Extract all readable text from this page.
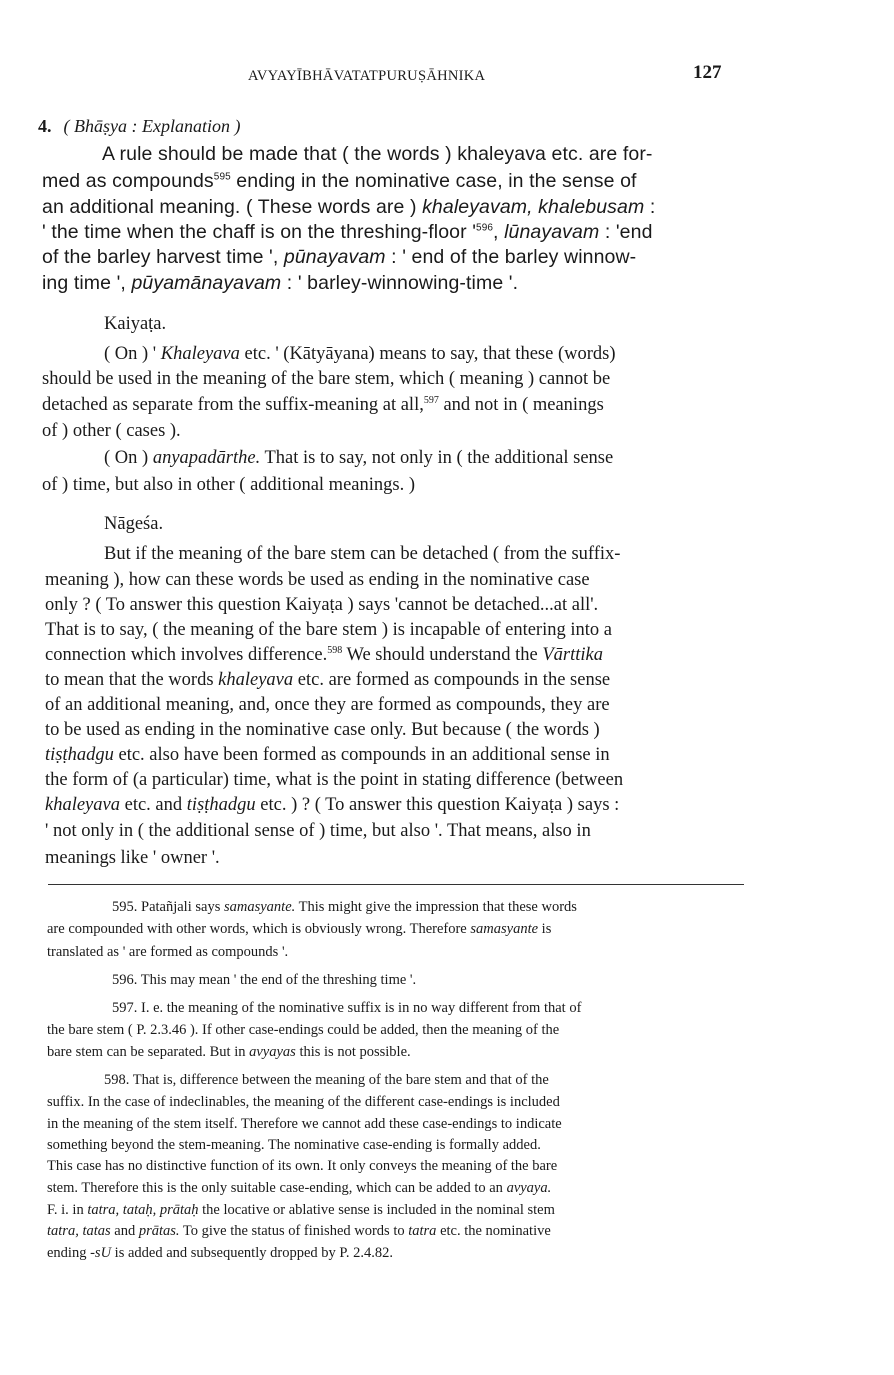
AVYAYĪBHĀVATATPURUṢĀHNIKA	127
4. ( Bhāṣya : Explanation )
A rule should be made that ( the words ) khaleyava etc. are for-
med as compounds$^{595}$ ending in the nominative case, in the sense of
an additional meaning. ( These words are ) khaleyavam, khalebusam :
' the time when the chaff is on the threshing-floor '$^{596}$, lūnayavam : 'end
of the barley harvest time ', pūnayavam : ' end of the barley winnow-
ing time ', pūyamānayavam : ' barley-winnowing-time '.
Kaiyaṭa.
( On ) ' Khaleyava etc. ' (Kātyāyana) means to say, that these (words)
should be used in the meaning of the bare stem, which ( meaning ) cannot be
detached as separate from the suffix-meaning at all,$^{597}$ and not in ( meanings
of ) other ( cases ).
( On ) anyapadārthe. That is to say, not only in ( the additional sense
of ) time, but also in other ( additional meanings. )
Nāgeśa.
But if the meaning of the bare stem can be detached ( from the suffix-
meaning ), how can these words be used as ending in the nominative case
only ? ( To answer this question Kaiyaṭa ) says 'cannot be detached...at all'.
That is to say, ( the meaning of the bare stem ) is incapable of entering into a
connection which involves difference.$^{598}$ We should understand the Vārttika
to mean that the words khaleyava etc. are formed as compounds in the sense
of an additional meaning, and, once they are formed as compounds, they are
to be used as ending in the nominative case only. But because ( the words )
tiṣṭhadgu etc. also have been formed as compounds in an additional sense in
the form of (a particular) time, what is the point in stating difference (between
khaleyava etc. and tiṣṭhadgu etc. ) ? ( To answer this question Kaiyaṭa ) says :
' not only in ( the additional sense of ) time, but also '. That means, also in
meanings like ' owner '.
595. Patañjali says samasyante. This might give the impression that these words
are compounded with other words, which is obviously wrong. Therefore samasyante is
translated as ' are formed as compounds '.
596. This may mean ' the end of the threshing time '.
597. I. e. the meaning of the nominative suffix is in no way different from that of
the bare stem ( P. 2.3.46 ). If other case-endings could be added, then the meaning of the
bare stem can be separated. But in avyayas this is not possible.
598. That is, difference between the meaning of the bare stem and that of the
suffix. In the case of indeclinables, the meaning of the different case-endings is included
in the meaning of the stem itself. Therefore we cannot add these case-endings to indicate
something beyond the stem-meaning. The nominative case-ending is formally added.
This case has no distinctive function of its own. It only conveys the meaning of the bare
stem. Therefore this is the only suitable case-ending, which can be added to an avyaya.
F. i. in tatra, tataḥ, prātaḥ the locative or ablative sense is included in the nominal stem
tatra, tatas and prātas. To give the status of finished words to tatra etc. the nominative
ending -sU is added and subsequently dropped by P. 2.4.82.
